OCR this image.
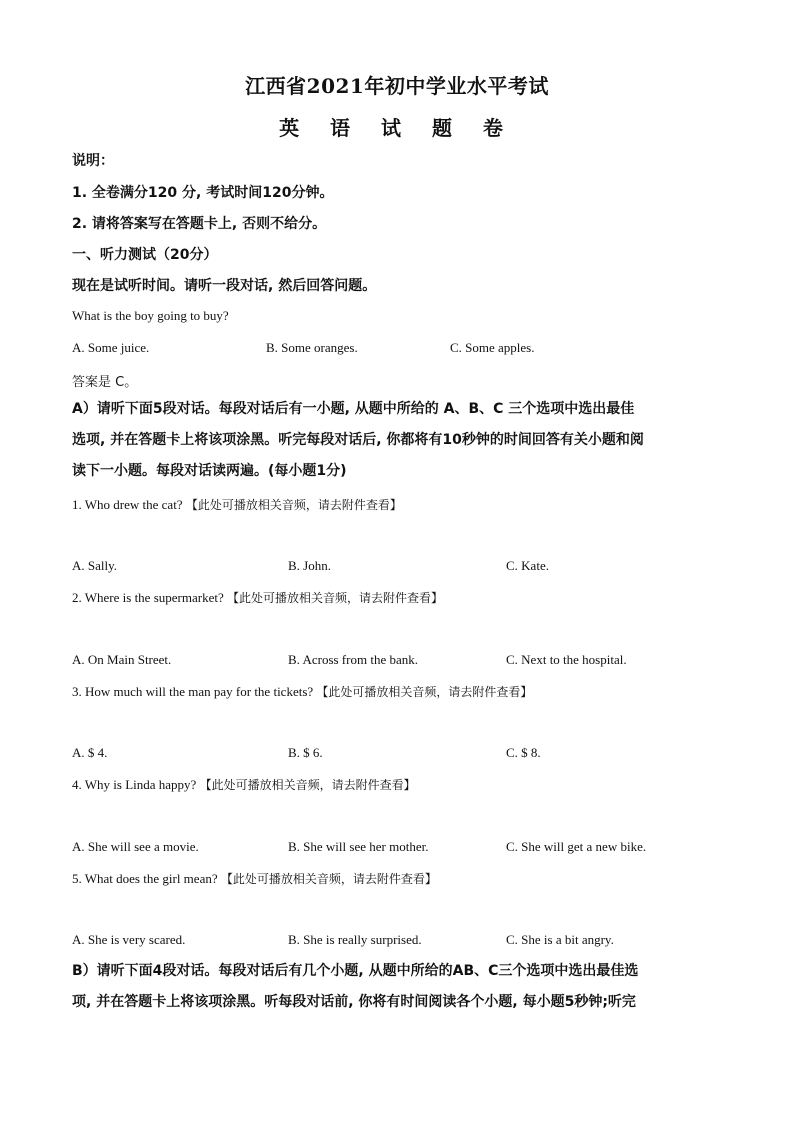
江西省2021年初中学业水平考试
英 语 试 题 卷
说明：
1. 全卷满分120 分, 考试时间120分钟。
2. 请将答案写在答题卡上, 否则不给分。
一、听力测试（20分）
现在是试听时间。请听一段对话, 然后回答问题。
What is the boy going to buy?
A. Some juice.	B. Some oranges.	C. Some apples.
答案是 C。
A）请听下面5段对话。每段对话后有一小题, 从题中所给的 A、B、C 三个选项中选出最佳
选项, 并在答题卡上将该项涂黑。听完每段对话后, 你都将有10秒钟的时间回答有关小题和阅
读下一小题。每段对话读两遍。(每小题1分)
1. Who drew the cat? 【此处可播放相关音频，请去附件查看】
A. Sally.	B. John.	C. Kate.
2. Where is the supermarket? 【此处可播放相关音频，请去附件查看】
A. On Main Street.	B. Across from the bank.	C. Next to the hospital.
3. How much will the man pay for the tickets? 【此处可播放相关音频，请去附件查看】
A. $ 4.	B. $ 6.	C. $ 8.
4. Why is Linda happy? 【此处可播放相关音频，请去附件查看】
A. She will see a movie.	B. She will see her mother.	C. She will get a new bike.
5. What does the girl mean? 【此处可播放相关音频，请去附件查看】
A. She is very scared.	B. She is really surprised.	C. She is a bit angry.
B）请听下面4段对话。每段对话后有几个小题, 从题中所给的AB、C三个选项中选出最佳选
项, 并在答题卡上将该项涂黑。听每段对话前, 你将有时间阅读各个小题, 每小题5秒钟;听完
